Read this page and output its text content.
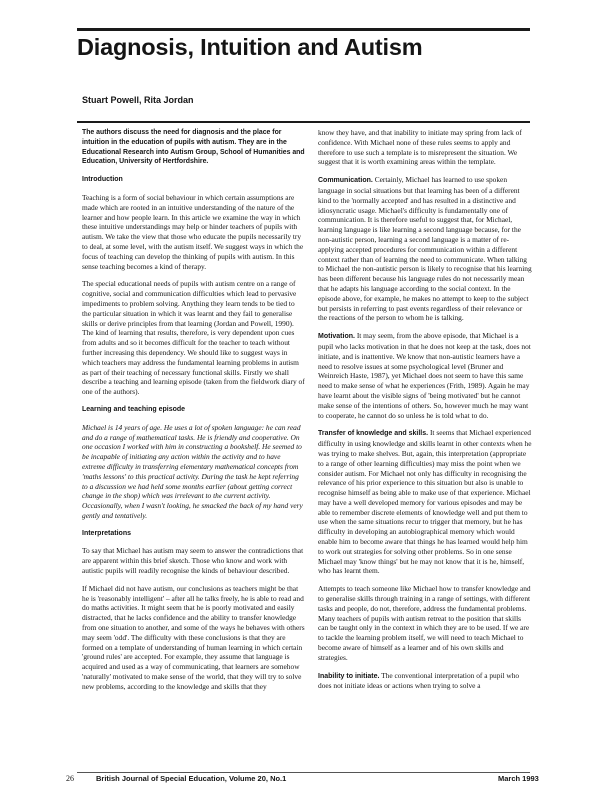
Diagnosis, Intuition and Autism

Stuart Powell, Rita Jordan

The authors discuss the need for diagnosis and the place for intuition in the education of pupils with autism. They are in the Educational Research into Autism Group, School of Humanities and Education, University of Hertfordshire.

Introduction

Teaching is a form of social behaviour in which certain assumptions are made which are rooted in an intuitive understanding of the nature of the learner and how people learn. In this article we examine the way in which these intuitive understandings may help or hinder teachers of pupils with autism. We take the view that those who educate the pupils necessarily try to deal, at some level, with the autism itself. We suggest ways in which the focus of teaching can develop the thinking of pupils with autism. In this sense teaching becomes a kind of therapy.

The special educational needs of pupils with autism centre on a range of cognitive, social and communication difficulties which lead to pervasive impediments to problem solving. Anything they learn tends to be tied to the particular situation in which it was learnt and they fail to generalise skills or derive principles from that learning (Jordan and Powell, 1990). The kind of learning that results, therefore, is very dependent upon cues from adults and so it becomes difficult for the teacher to teach without further increasing this dependency. We should like to suggest ways in which teachers may address the fundamental learning problems in autism as part of their teaching of necessary functional skills. Firstly we shall describe a teaching and learning episode (taken from the fieldwork diary of one of the authors).

Learning and teaching episode

Michael is 14 years of age. He uses a lot of spoken language: he can read and do a range of mathematical tasks. He is friendly and cooperative. On one occasion I worked with him in constructing a bookshelf. He seemed to be incapable of initiating any action within the activity and to have extreme difficulty in transferring elementary mathematical concepts from 'maths lessons' to this practical activity. During the task he kept referring to a discussion we had held some months earlier (about getting correct change in the shop) which was irrelevant to the current activity. Occasionally, when I wasn't looking, he smacked the back of my hand very gently and tentatively.

Interpretations

To say that Michael has autism may seem to answer the contradictions that are apparent within this brief sketch. Those who know and work with autistic pupils will readily recognise the kinds of behaviour described.

If Michael did not have autism, our conclusions as teachers might be that he is 'reasonably intelligent' – after all he talks freely, he is able to read and do maths activities. It might seem that he is poorly motivated and easily distracted, that he lacks confidence and the ability to transfer knowledge from one situation to another, and some of the ways he behaves with others may seem 'odd'. The difficulty with these conclusions is that they are formed on a template of understanding of human learning in which certain 'ground rules' are accepted. For example, they assume that language is acquired and used as a way of communicating, that learners are somehow 'naturally' motivated to make sense of the world, that they will try to solve new problems, according to the knowledge and skills that they

know they have, and that inability to initiate may spring from lack of confidence. With Michael none of these rules seems to apply and therefore to use such a template is to misrepresent the situation. We suggest that it is worth examining areas within the template.

Communication. Certainly, Michael has learned to use spoken language in social situations but that learning has been of a different kind to the 'normally accepted' and has resulted in a distinctive and idiosyncratic usage. Michael's difficulty is fundamentally one of communication. It is therefore useful to suggest that, for Michael, learning language is like learning a second language because, for the non-autistic person, learning a second language is a matter of re-applying accepted procedures for communication within a different context rather than of learning the need to communicate. When talking to Michael the non-autistic person is likely to recognise that his learning has been different because his language rules do not necessarily mean that he adapts his language according to the social context. In the episode above, for example, he makes no attempt to keep to the subject but persists in referring to past events regardless of their relevance or the reactions of the person to whom he is talking.

Motivation. It may seem, from the above episode, that Michael is a pupil who lacks motivation in that he does not keep at the task, does not initiate, and is inattentive. We know that non-autistic learners have a need to resolve issues at some psychological level (Bruner and Weinreich Haste, 1987), yet Michael does not seem to have this same need to make sense of what he experiences (Frith, 1989). Again he may have learnt about the visible signs of 'being motivated' but he cannot make sense of the intentions of others. So, however much he may want to cooperate, he cannot do so unless he is told what to do.

Transfer of knowledge and skills. It seems that Michael experienced difficulty in using knowledge and skills learnt in other contexts when he was trying to make shelves. But, again, this interpretation (appropriate to a range of other learning difficulties) may miss the point when we consider autism. For Michael not only has difficulty in recognising the relevance of his prior experience to this situation but also is unable to recognise himself as being able to make use of that experience. Michael may have a well developed memory for various episodes and may be able to remember discrete elements of knowledge well and put them to use when the same situations recur to trigger that memory, but he has difficulty in developing an autobiographical memory which would enable him to become aware that things he has learned would help him to work out strategies for solving other problems. So in one sense Michael may 'know things' but he may not know that it is he, himself, who has learnt them.

Attempts to teach someone like Michael how to transfer knowledge and to generalise skills through training in a range of settings, with different tasks and people, do not, therefore, address the fundamental problems. Many teachers of pupils with autism retreat to the position that skills can be taught only in the context in which they are to be used. If we are to tackle the learning problem itself, we will need to teach Michael to become aware of himself as a learner and of his own skills and strategies.

Inability to initiate. The conventional interpretation of a pupil who does not initiate ideas or actions when trying to solve a

26	British Journal of Special Education, Volume 20, No.1	March 1993
